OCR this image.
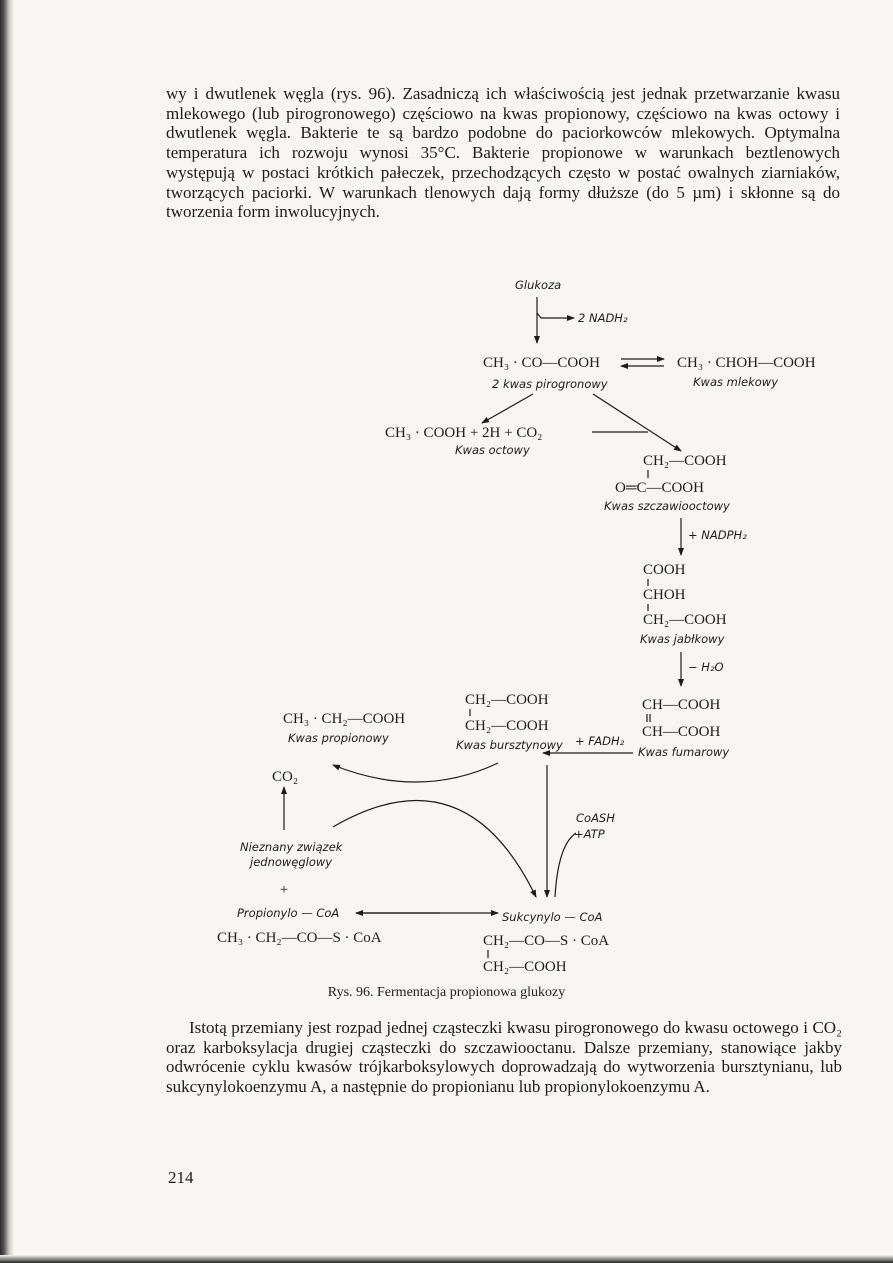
wy i dwutlenek węgla (rys. 96). Zasadniczą ich właściwością jest jednak przetwarzanie kwasu mlekowego (lub pirogronowego) częściowo na kwas propionowy, częściowo na kwas octowy i dwutlenek węgla. Bakterie te są bardzo podobne do paciorkowców mlekowych. Optymalna temperatura ich rozwoju wynosi 35°C. Bakterie propionowe w warunkach beztlenowych występują w postaci krótkich pałeczek, przechodzących często w postać owalnych ziarniaków, tworzących paciorki. W warunkach tlenowych dają formy dłuższe (do 5 µm) i skłonne są do tworzenia form inwolucyjnych.

Glukoza
2 NADH₂
CH₃ · CO—COOH	CH₃ · CHOH—COOH
2 kwas pirogronowy	Kwas mlekowy
CH₃ · COOH + 2H + CO₂
Kwas octowy
CH₂—COOH
O═C—COOH
Kwas szczawiooctowy
+ NADPH₂
COOH
CHOH
CH₂—COOH
Kwas jabłkowy
− H₂O
CH—COOH
CH—COOH
Kwas fumarowy
+ FADH₂
CH₂—COOH
CH₂—COOH
Kwas bursztynowy
CH₃ · CH₂—COOH
Kwas propionowy
CoASH
+ATP
CO₂
Nieznany związek
jednowęglowy
+
Propionylo — CoA
CH₃ · CH₂—CO—S · CoA
Sukcynylo — CoA
CH₂—CO—S · CoA
CH₂—COOH
Rys. 96. Fermentacja propionowa glukozy

Istotą przemiany jest rozpad jednej cząsteczki kwasu pirogronowego do kwasu octowego i CO₂ oraz karboksylacja drugiej cząsteczki do szczawiooctanu. Dalsze przemiany, stanowiące jakby odwrócenie cyklu kwasów trójkarboksylowych doprowadzają do wytworzenia bursztynianu, lub sukcynylokoenzymu A, a następnie do propionianu lub propionylokoenzymu A.

214
